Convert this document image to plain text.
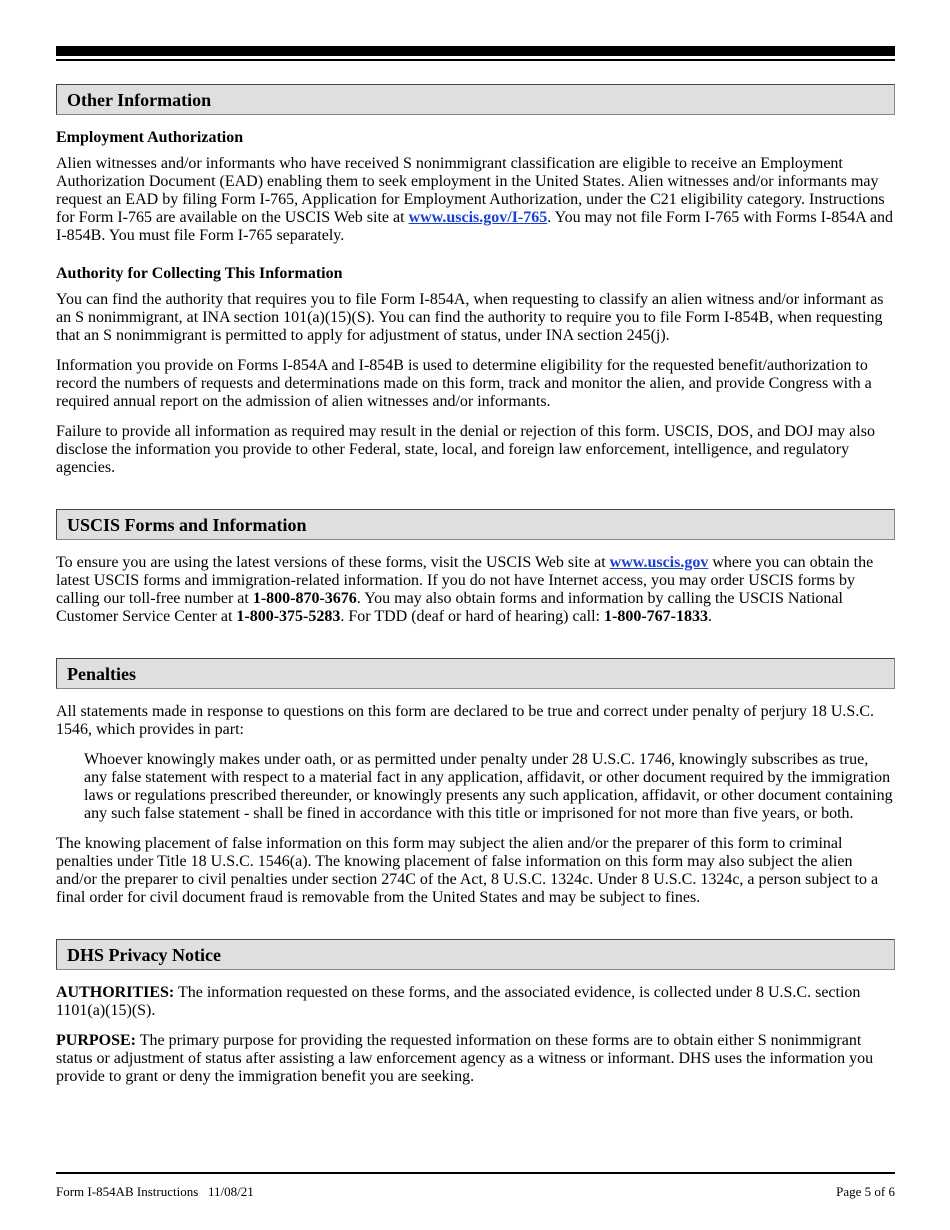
Other Information
Employment Authorization

Alien witnesses and/or informants who have received S nonimmigrant classification are eligible to receive an Employment Authorization Document (EAD) enabling them to seek employment in the United States. Alien witnesses and/or informants may request an EAD by filing Form I-765, Application for Employment Authorization, under the C21 eligibility category. Instructions for Form I-765 are available on the USCIS Web site at www.uscis.gov/I-765. You may not file Form I-765 with Forms I-854A and I-854B. You must file Form I-765 separately.

Authority for Collecting This Information

You can find the authority that requires you to file Form I-854A, when requesting to classify an alien witness and/or informant as an S nonimmigrant, at INA section 101(a)(15)(S). You can find the authority to require you to file Form I-854B, when requesting that an S nonimmigrant is permitted to apply for adjustment of status, under INA section 245(j).

Information you provide on Forms I-854A and I-854B is used to determine eligibility for the requested benefit/authorization to record the numbers of requests and determinations made on this form, track and monitor the alien, and provide Congress with a required annual report on the admission of alien witnesses and/or informants.

Failure to provide all information as required may result in the denial or rejection of this form. USCIS, DOS, and DOJ may also disclose the information you provide to other Federal, state, local, and foreign law enforcement, intelligence, and regulatory agencies.

USCIS Forms and Information

To ensure you are using the latest versions of these forms, visit the USCIS Web site at www.uscis.gov where you can obtain the latest USCIS forms and immigration-related information. If you do not have Internet access, you may order USCIS forms by calling our toll-free number at 1-800-870-3676. You may also obtain forms and information by calling the USCIS National Customer Service Center at 1-800-375-5283. For TDD (deaf or hard of hearing) call: 1-800-767-1833.

Penalties

All statements made in response to questions on this form are declared to be true and correct under penalty of perjury 18 U.S.C. 1546, which provides in part:

Whoever knowingly makes under oath, or as permitted under penalty under 28 U.S.C. 1746, knowingly subscribes as true, any false statement with respect to a material fact in any application, affidavit, or other document required by the immigration laws or regulations prescribed thereunder, or knowingly presents any such application, affidavit, or other document containing any such false statement - shall be fined in accordance with this title or imprisoned for not more than five years, or both.

The knowing placement of false information on this form may subject the alien and/or the preparer of this form to criminal penalties under Title 18 U.S.C. 1546(a). The knowing placement of false information on this form may also subject the alien and/or the preparer to civil penalties under section 274C of the Act, 8 U.S.C. 1324c. Under 8 U.S.C. 1324c, a person subject to a final order for civil document fraud is removable from the United States and may be subject to fines.

DHS Privacy Notice

AUTHORITIES: The information requested on these forms, and the associated evidence, is collected under 8 U.S.C. section 1101(a)(15)(S).

PURPOSE: The primary purpose for providing the requested information on these forms are to obtain either S nonimmigrant status or adjustment of status after assisting a law enforcement agency as a witness or informant. DHS uses the information you provide to grant or deny the immigration benefit you are seeking.

Form I-854AB Instructions   11/08/21	Page 5 of 6
